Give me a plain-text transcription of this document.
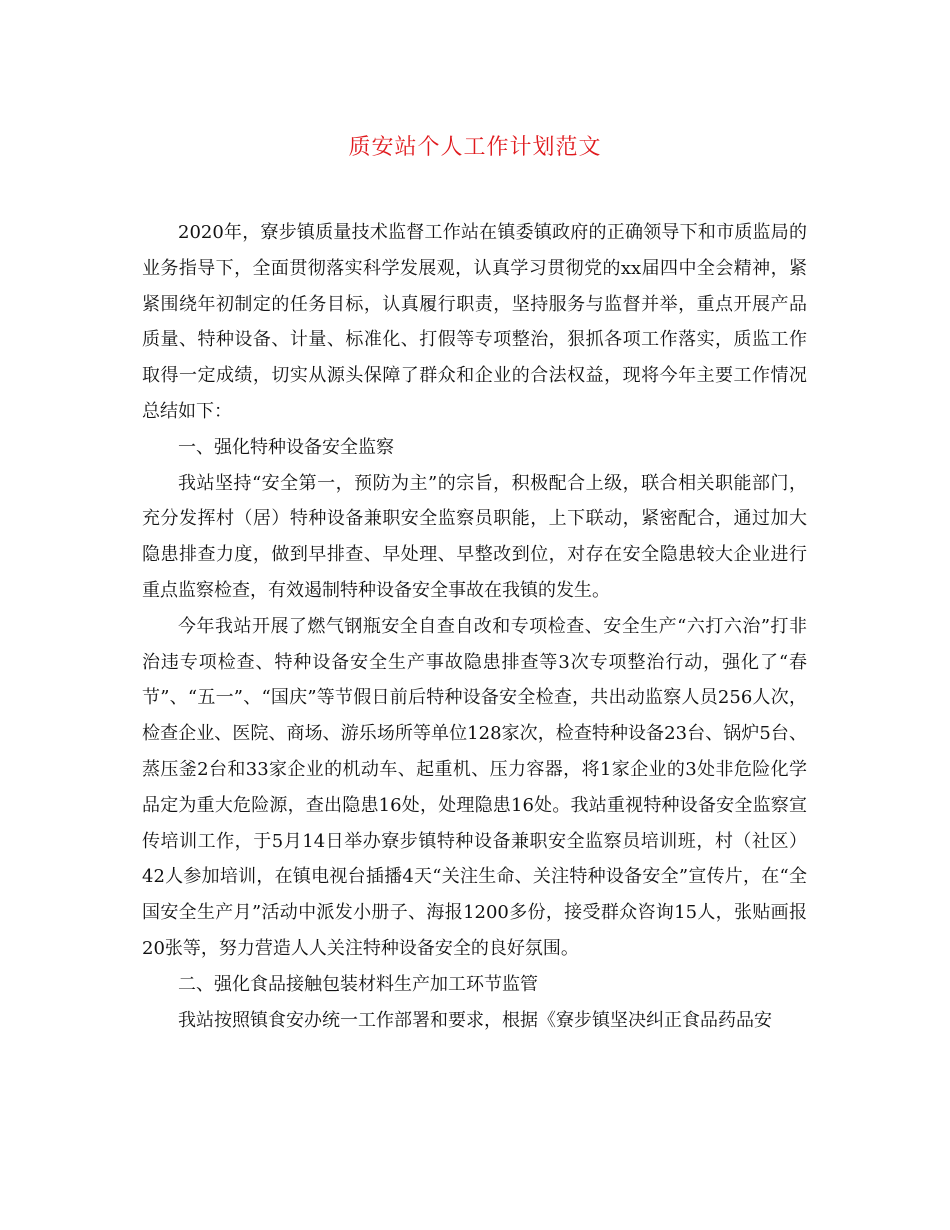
质安站个人工作计划范文

2020年，寮步镇质量技术监督工作站在镇委镇政府的正确领导下和市质监局的业务指导下，全面贯彻落实科学发展观，认真学习贯彻党的xx届四中全会精神，紧紧围绕年初制定的任务目标，认真履行职责，坚持服务与监督并举，重点开展产品质量、特种设备、计量、标准化、打假等专项整治，狠抓各项工作落实，质监工作取得一定成绩，切实从源头保障了群众和企业的合法权益，现将今年主要工作情况总结如下：

一、强化特种设备安全监察

我站坚持“安全第一，预防为主”的宗旨，积极配合上级，联合相关职能部门，充分发挥村（居）特种设备兼职安全监察员职能，上下联动，紧密配合，通过加大隐患排查力度，做到早排查、早处理、早整改到位，对存在安全隐患较大企业进行重点监察检查，有效遏制特种设备安全事故在我镇的发生。

今年我站开展了燃气钢瓶安全自查自改和专项检查、安全生产“六打六治”打非治违专项检查、特种设备安全生产事故隐患排查等3次专项整治行动，强化了“春节”、“五一”、“国庆”等节假日前后特种设备安全检查，共出动监察人员256人次，检查企业、医院、商场、游乐场所等单位128家次，检查特种设备23台、锅炉5台、蒸压釜2台和33家企业的机动车、起重机、压力容器，将1家企业的3处非危险化学品定为重大危险源，查出隐患16处，处理隐患16处。我站重视特种设备安全监察宣传培训工作，于5月14日举办寮步镇特种设备兼职安全监察员培训班，村（社区）42人参加培训，在镇电视台插播4天“关注生命、关注特种设备安全”宣传片，在“全国安全生产月”活动中派发小册子、海报1200多份，接受群众咨询15人，张贴画报20张等，努力营造人人关注特种设备安全的良好氛围。

二、强化食品接触包装材料生产加工环节监管

我站按照镇食安办统一工作部署和要求，根据《寮步镇坚决纠正食品药品安
